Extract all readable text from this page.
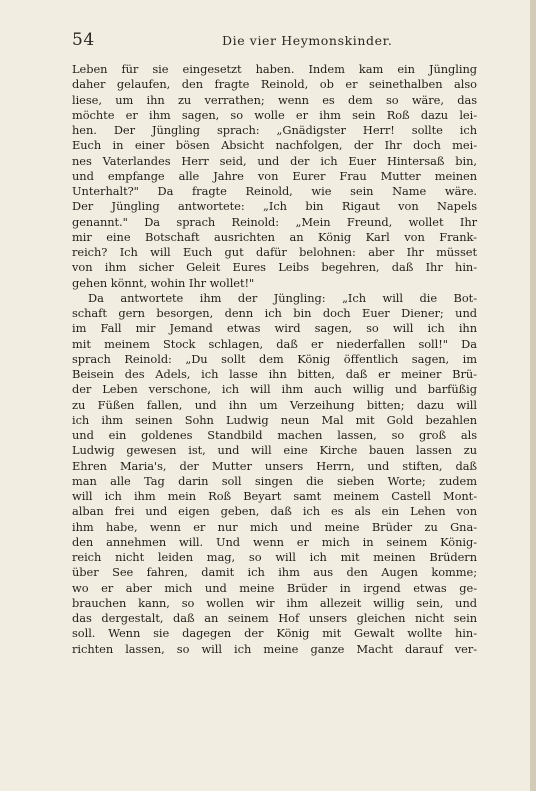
54	Die vier Heymonskinder.
Leben für sie eingesetzt haben. Indem kam ein Jüngling
daher gelaufen, den fragte Reinold, ob er seinethalben also
liese, um ihn zu verrathen; wenn es dem so wäre, das
möchte er ihm sagen, so wolle er ihm sein Roß dazu lei-
hen. Der Jüngling sprach: „Gnädigster Herr! sollte ich
Euch in einer bösen Absicht nachfolgen, der Ihr doch mei-
nes Vaterlandes Herr seid, und der ich Euer Hintersaß bin,
und empfange alle Jahre von Eurer Frau Mutter meinen
Unterhalt?" Da fragte Reinold, wie sein Name wäre.
Der Jüngling antwortete: „Ich bin Rigaut von Napels
genannt." Da sprach Reinold: „Mein Freund, wollet Ihr
mir eine Botschaft ausrichten an König Karl von Frank-
reich? Ich will Euch gut dafür belohnen: aber Ihr müsset
von ihm sicher Geleit Eures Leibs begehren, daß Ihr hin-
gehen könnt, wohin Ihr wollet!"
Da antwortete ihm der Jüngling: „Ich will die Bot-
schaft gern besorgen, denn ich bin doch Euer Diener; und
im Fall mir Jemand etwas wird sagen, so will ich ihn
mit meinem Stock schlagen, daß er niederfallen soll!" Da
sprach Reinold: „Du sollt dem König öffentlich sagen, im
Beisein des Adels, ich lasse ihn bitten, daß er meiner Brü-
der Leben verschone, ich will ihm auch willig und barfüßig
zu Füßen fallen, und ihn um Verzeihung bitten; dazu will
ich ihm seinen Sohn Ludwig neun Mal mit Gold bezahlen
und ein goldenes Standbild machen lassen, so groß als
Ludwig gewesen ist, und will eine Kirche bauen lassen zu
Ehren Maria's, der Mutter unsers Herrn, und stiften, daß
man alle Tag darin soll singen die sieben Worte; zudem
will ich ihm mein Roß Beyart samt meinem Castell Mont-
alban frei und eigen geben, daß ich es als ein Lehen von
ihm habe, wenn er nur mich und meine Brüder zu Gna-
den annehmen will. Und wenn er mich in seinem König-
reich nicht leiden mag, so will ich mit meinen Brüdern
über See fahren, damit ich ihm aus den Augen komme;
wo er aber mich und meine Brüder in irgend etwas ge-
brauchen kann, so wollen wir ihm allezeit willig sein, und
das dergestalt, daß an seinem Hof unsers gleichen nicht sein
soll. Wenn sie dagegen der König mit Gewalt wollte hin-
richten lassen, so will ich meine ganze Macht darauf ver-
